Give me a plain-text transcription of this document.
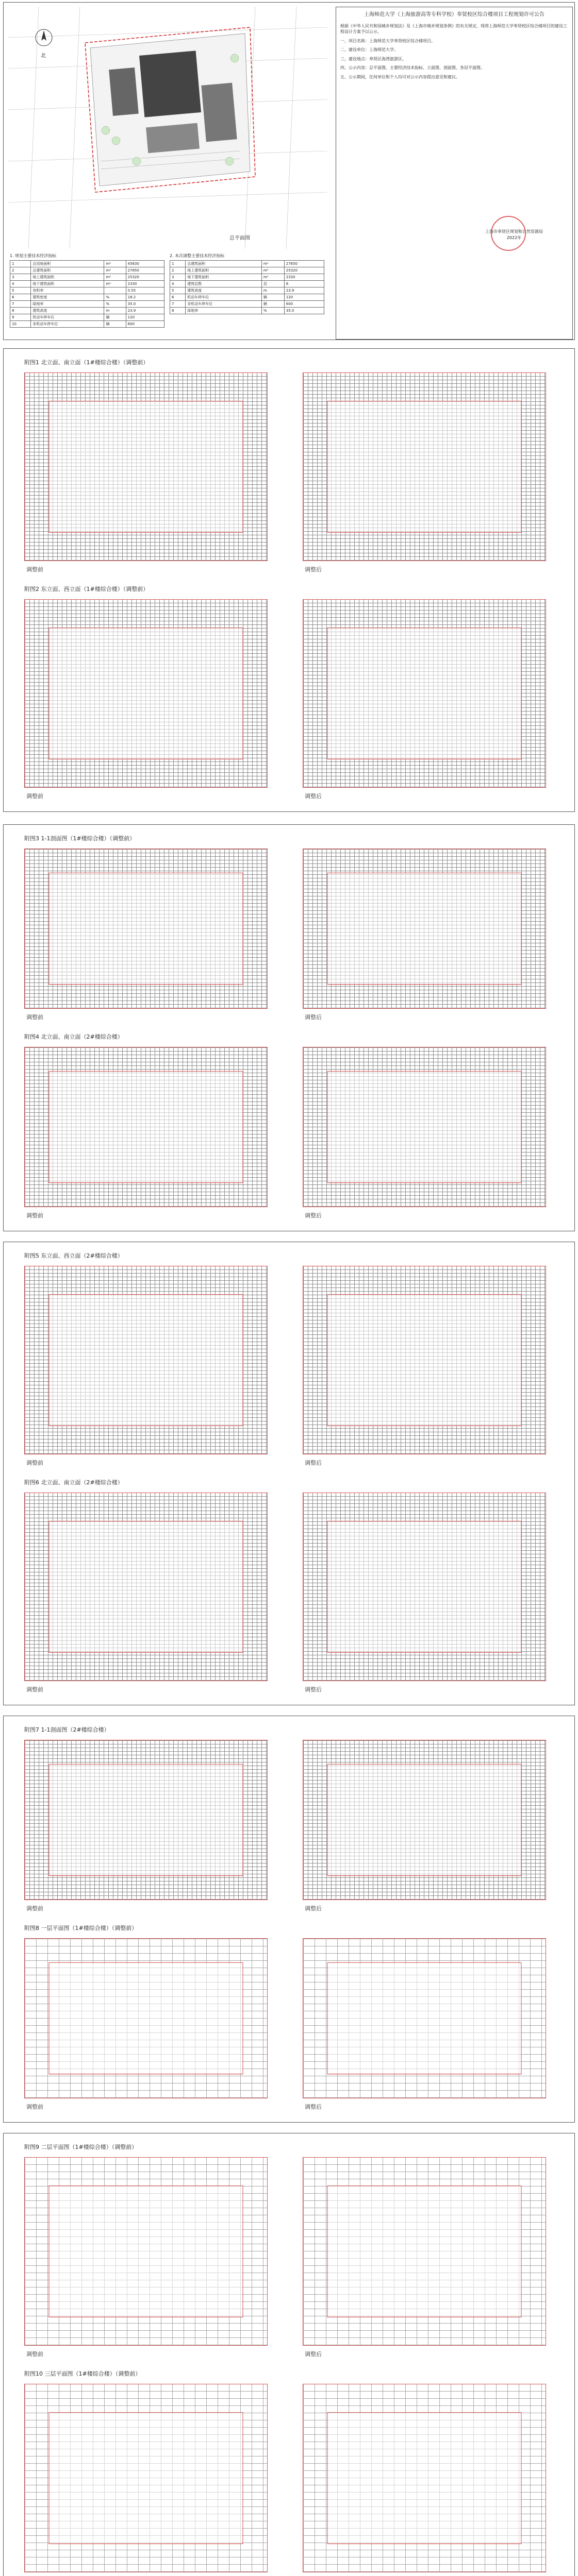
北
总平面图
1. 规划主要技术经济指标
1	总用地面积	m²	45630
2	总建筑面积	m²	27650
3	地上建筑面积	m²	25320
4	地下建筑面积	m²	2330
5	容积率		0.55
6	建筑密度	%	18.2
7	绿地率	%	35.0
8	建筑高度	m	23.9
9	机动车停车位	辆	120
10	非机动车停车位	辆	600
2. 本次调整主要技术经济指标
1	总建筑面积	m²	27650
2	地上建筑面积	m²	25320
3	地下建筑面积	m²	2330
4	建筑层数	层	6
5	建筑高度	m	23.9
6	机动车停车位	辆	120
7	非机动车停车位	辆	600
8	绿地率	%	35.0
上海师范大学（上海旅游高等专科学校）奉贤校区综合楼项目工程规划许可公告

根据《中华人民共和国城乡规划法》及《上海市城乡规划条例》的有关规定，现将上海师范大学奉贤校区综合楼项目的建设工程设计方案予以公示。

一、项目名称：上海师范大学奉贤校区综合楼项目。

二、建设单位：上海师范大学。

三、建设地点：奉贤区海湾旅游区。

四、公示内容：总平面图、主要经济技术指标、立面图、剖面图、各层平面图。

五、公示期间，任何单位和个人均可对公示内容提出意见和建议。

上海市奉贤区规划和自然资源局
2022年
附图1 北立面、南立面（1#楼综合楼）（调整前）
调整前	调整后
附图2 东立面、西立面（1#楼综合楼）（调整前）
调整前	调整后
附图3 1-1剖面图（1#楼综合楼）（调整前）
调整前	调整后
附图4 北立面、南立面（2#楼综合楼）
调整前	调整后
附图5 东立面、西立面（2#楼综合楼）
调整前	调整后
附图6 北立面、南立面（2#楼综合楼）
调整前	调整后
附图7 1-1剖面图（2#楼综合楼）
调整前	调整后
附图8 一层平面图（1#楼综合楼）（调整前）
调整前	调整后
附图9 二层平面图（1#楼综合楼）（调整前）
调整前	调整后
附图10 三层平面图（1#楼综合楼）（调整前）
